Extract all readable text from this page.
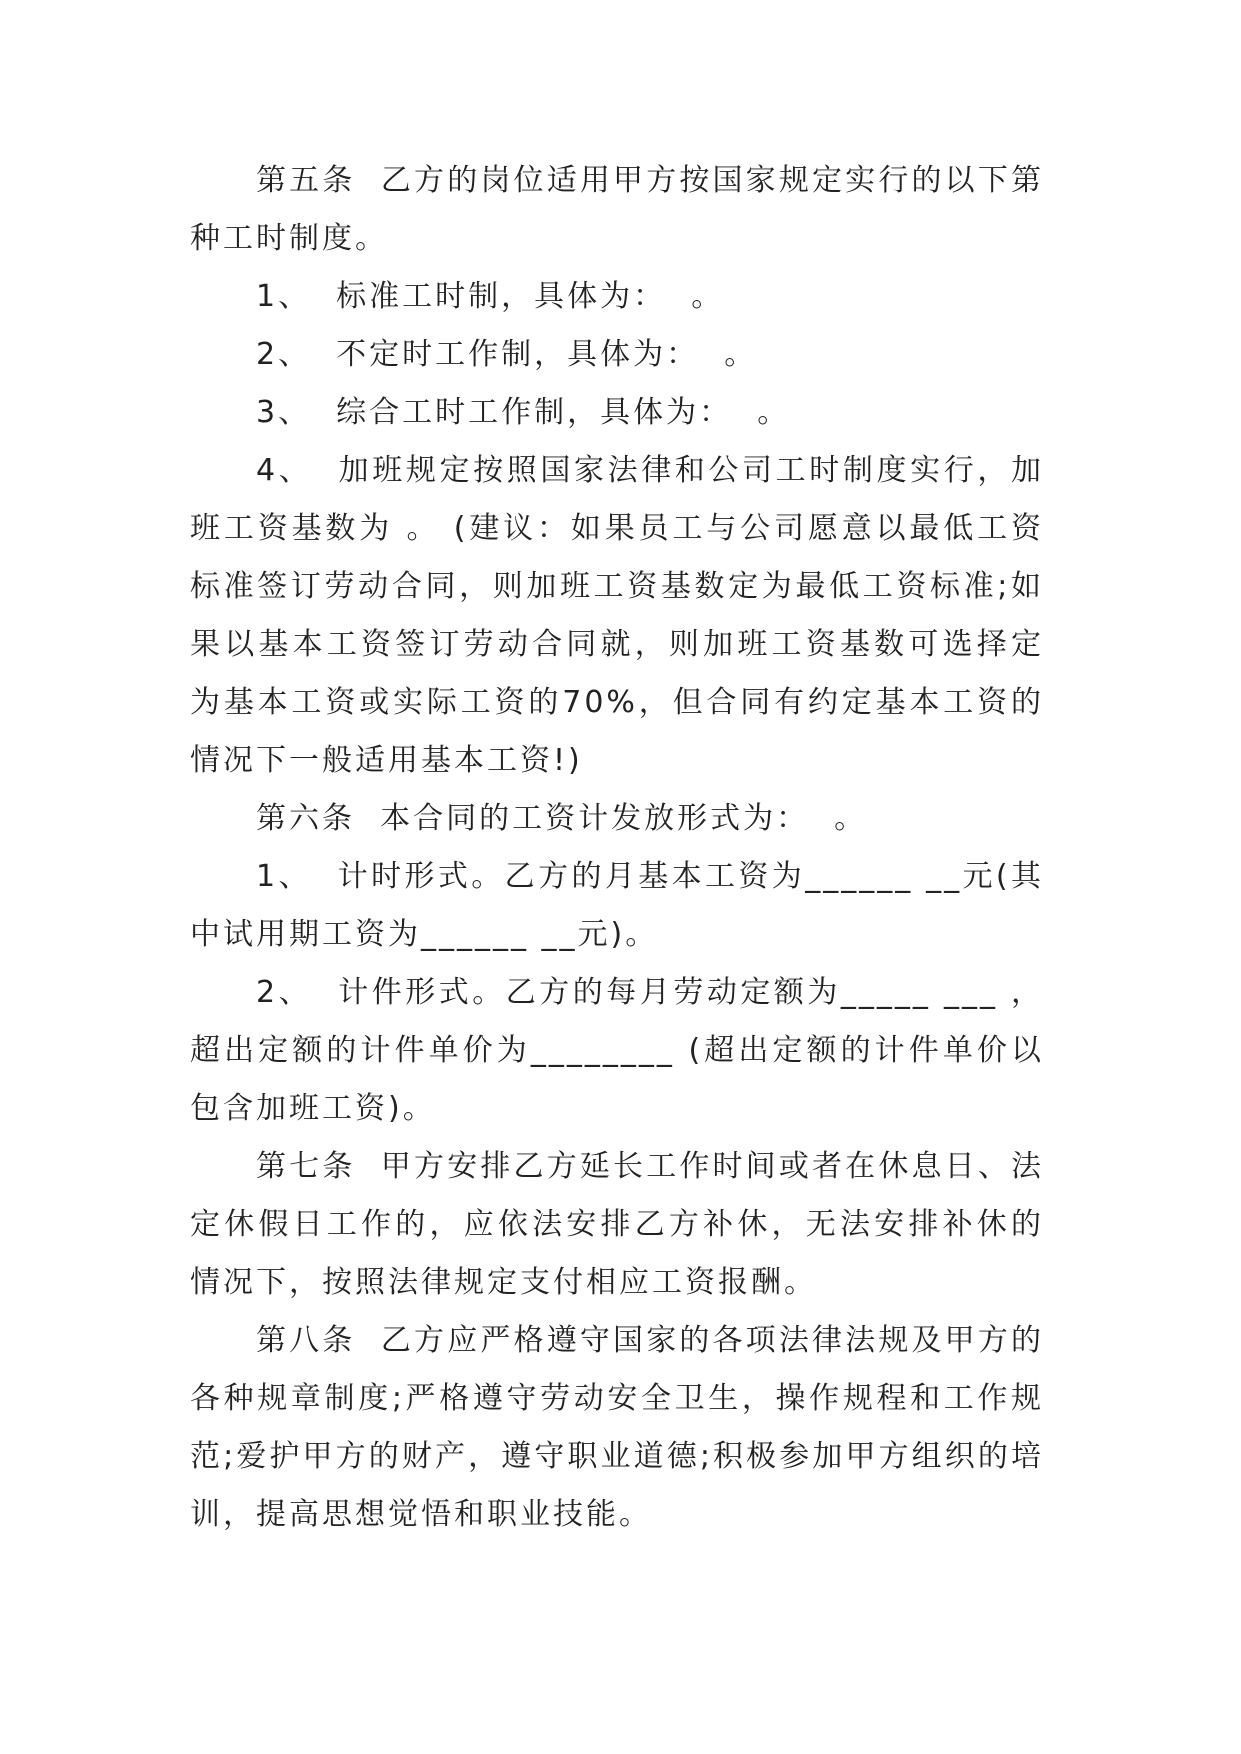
第五条  乙方的岗位适用甲方按国家规定实行的以下第种工时制度。

1、  标准工时制，具体为：  。

2、  不定时工作制，具体为：  。

3、  综合工时工作制，具体为：  。

4、  加班规定按照国家法律和公司工时制度实行，加班工资基数为 。 (建议：如果员工与公司愿意以最低工资标准签订劳动合同，则加班工资基数定为最低工资标准;如果以基本工资签订劳动合同就，则加班工资基数可选择定为基本工资或实际工资的70%，但合同有约定基本工资的情况下一般适用基本工资!)

第六条  本合同的工资计发放形式为：  。

1、  计时形式。乙方的月基本工资为______ __元(其中试用期工资为______ __元)。

2、  计件形式。乙方的每月劳动定额为_____ ___ ，超出定额的计件单价为________ (超出定额的计件单价以包含加班工资)。

第七条  甲方安排乙方延长工作时间或者在休息日、法定休假日工作的，应依法安排乙方补休，无法安排补休的情况下，按照法律规定支付相应工资报酬。

第八条  乙方应严格遵守国家的各项法律法规及甲方的各种规章制度;严格遵守劳动安全卫生，操作规程和工作规范;爱护甲方的财产，遵守职业道德;积极参加甲方组织的培训，提高思想觉悟和职业技能。
